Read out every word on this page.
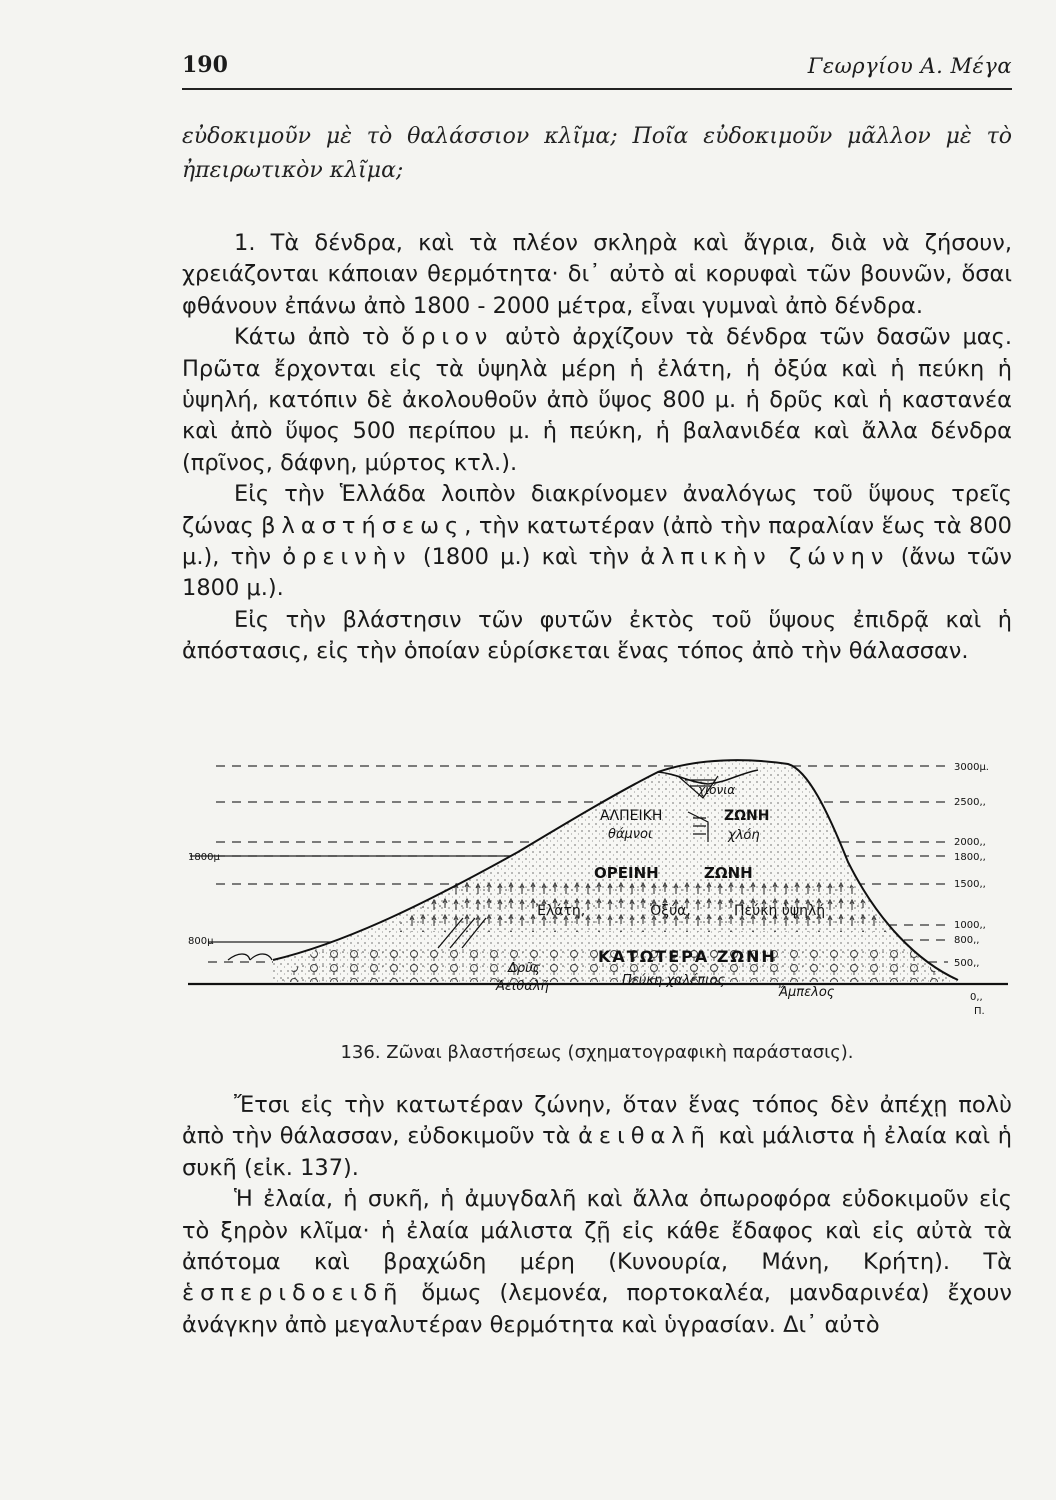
190	Γεωργίου Α. Μέγα
εὐδοκιμοῦν μὲ τὸ θαλάσσιον κλῖμα; Ποῖα εὐδοκιμοῦν μᾶλλον μὲ τὸ ἠπειρωτικὸν κλῖμα;

1. Τὰ δένδρα, καὶ τὰ πλέον σκληρὰ καὶ ἄγρια, διὰ νὰ ζήσουν, χρειάζονται κάποιαν θερμότητα· δι᾽ αὐτὸ αἱ κορυφαὶ τῶν βουνῶν, ὅσαι φθάνουν ἐπάνω ἀπὸ 1800 - 2000 μέτρα, εἶναι γυμναὶ ἀπὸ δένδρα.

Κάτω ἀπὸ τὸ ὅριον αὐτὸ ἀρχίζουν τὰ δένδρα τῶν δασῶν μας. Πρῶτα ἔρχονται εἰς τὰ ὑψηλὰ μέρη ἡ ἐλάτη, ἡ ὀξύα καὶ ἡ πεύκη ἡ ὑψηλή, κατόπιν δὲ ἀκολουθοῦν ἀπὸ ὕψος 800 μ. ἡ δρῦς καὶ ἡ καστανέα καὶ ἀπὸ ὕψος 500 περίπου μ. ἡ πεύκη, ἡ βαλανιδέα καὶ ἄλλα δένδρα (πρῖνος, δάφνη, μύρτος κτλ.).

Εἰς τὴν Ἑλλάδα λοιπὸν διακρίνομεν ἀναλόγως τοῦ ὕψους τρεῖς ζώνας βλαστήσεως, τὴν κατωτέραν (ἀπὸ τὴν παραλίαν ἕως τὰ 800 μ.), τὴν ὀρεινὴν (1800 μ.) καὶ τὴν ἀλπικὴν ζώνην (ἄνω τῶν 1800 μ.).

Εἰς τὴν βλάστησιν τῶν φυτῶν ἐκτὸς τοῦ ὕψους ἐπιδρᾷ καὶ ἡ ἀπόστασις, εἰς τὴν ὁποίαν εὑρίσκεται ἕνας τόπος ἀπὸ τὴν θάλασσαν.

χιόνια
ΑΛΠΕΙΚΗ	ΖΩΝΗ
θάμνοι	χλόη
ΟΡΕΙΝΗ	ΖΩΝΗ
Ἐλάτη,	Ὀξύα,	Πεύκη ὑψηλή
ΚΑΤΩΤΕΡΑ ΖΩΝΗ
Δρῦς
Ἀειθαλῆ	Πεύκη χαλέπιος
Ἄμπελος
1800μ
800μ
3000μ.
2500,,
2000,,
1800,,
1500,,
1000,,
800,,
500,,
0,,
Π.
136. Ζῶναι βλαστήσεως (σχηματογραφικὴ παράστασις).

Ἔτσι εἰς τὴν κατωτέραν ζώνην, ὅταν ἕνας τόπος δὲν ἀπέχῃ πολὺ ἀπὸ τὴν θάλασσαν, εὐδοκιμοῦν τὰ ἀειθαλῆ καὶ μάλιστα ἡ ἐλαία καὶ ἡ συκῆ (εἰκ. 137).

Ἡ ἐλαία, ἡ συκῆ, ἡ ἀμυγδαλῆ καὶ ἄλλα ὀπωροφόρα εὐδοκιμοῦν εἰς τὸ ξηρὸν κλῖμα· ἡ ἐλαία μάλιστα ζῇ εἰς κάθε ἔδαφος καὶ εἰς αὐτὰ τὰ ἀπότομα καὶ βραχώδη μέρη (Κυνουρία, Μάνη, Κρήτη). Τὰ ἑσπεριδοειδῆ ὅμως (λεμονέα, πορτοκαλέα, μανδαρινέα) ἔχουν ἀνάγκην ἀπὸ μεγαλυτέραν θερμότητα καὶ ὑγρασίαν. Δι᾽ αὐτὸ
